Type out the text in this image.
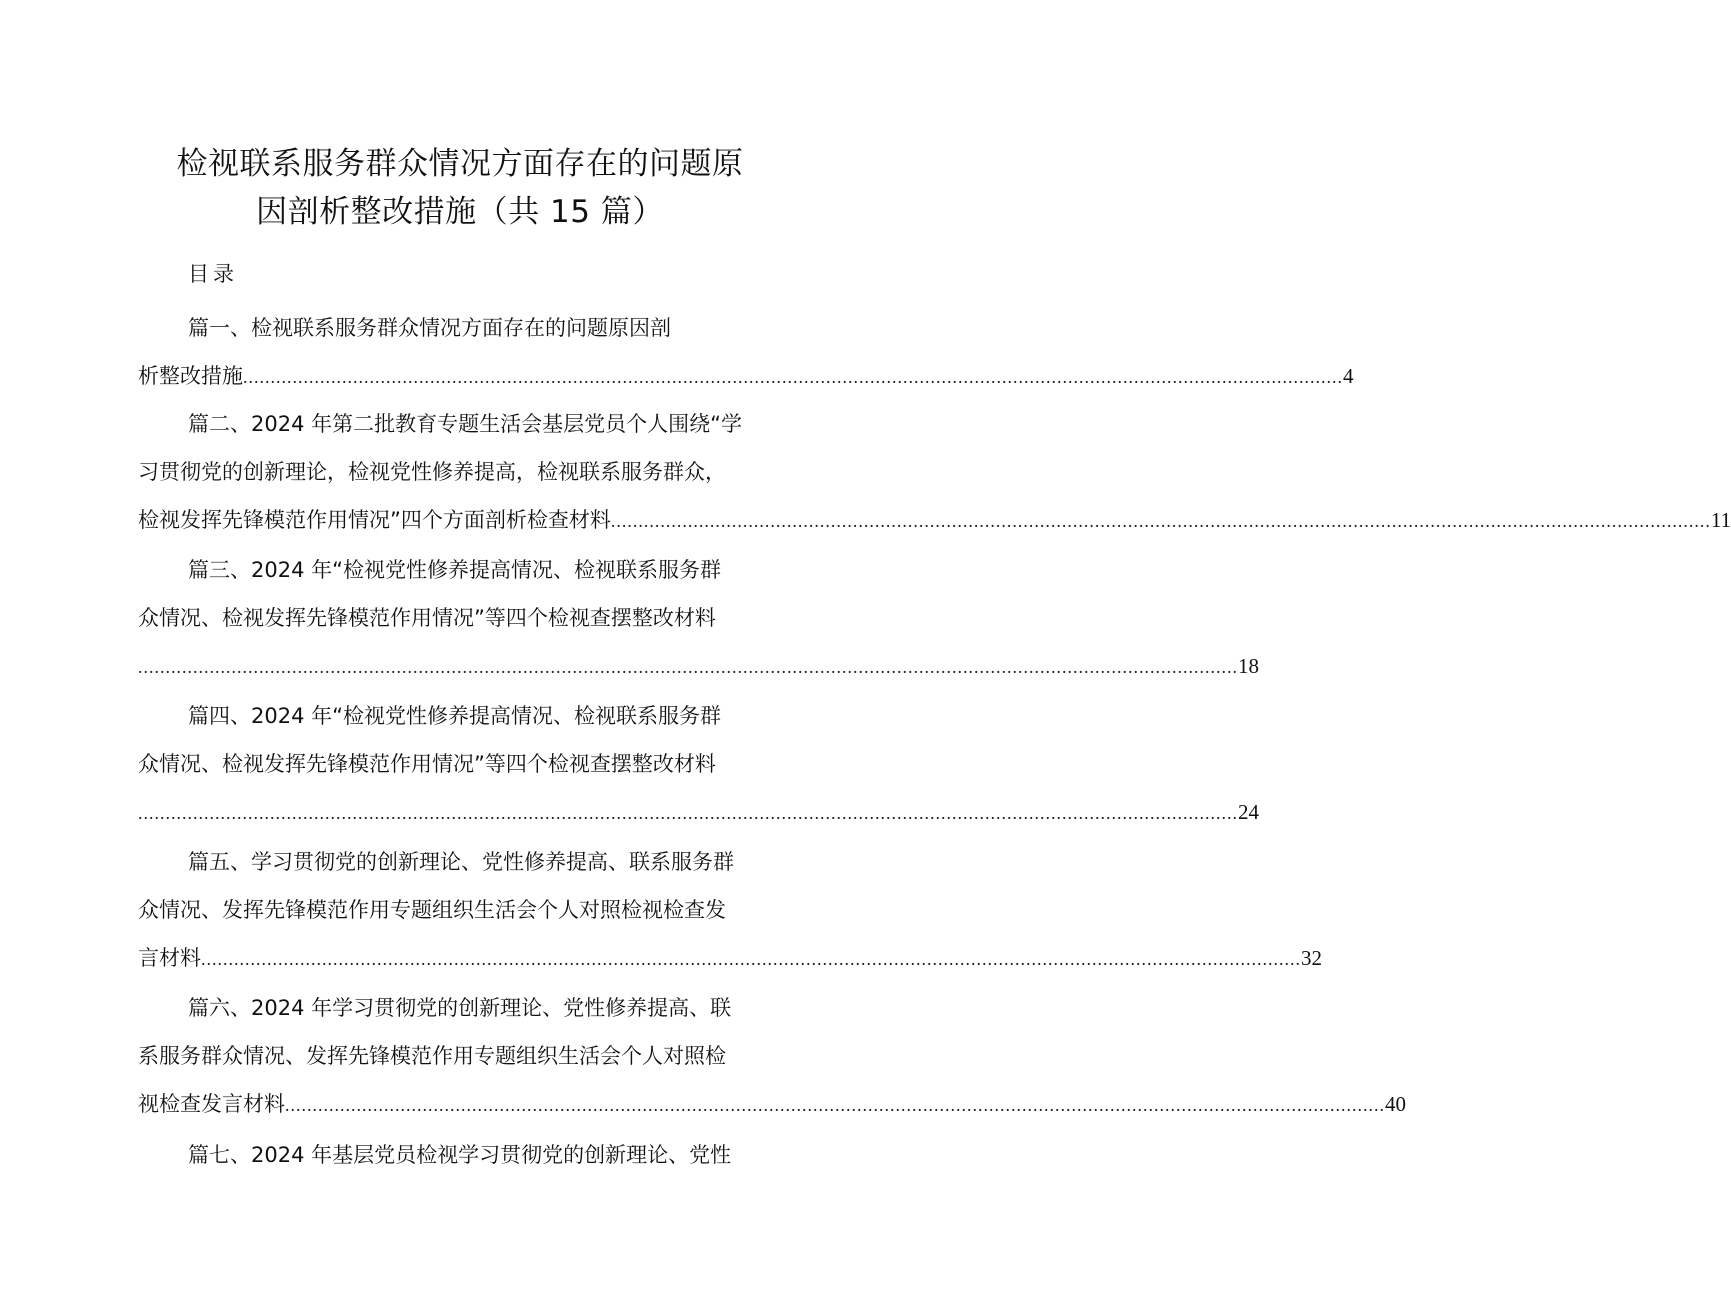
检视联系服务群众情况方面存在的问题原
因剖析整改措施（共 15 篇）
目录
篇一、检视联系服务群众情况方面存在的问题原因剖
析整改措施 ........................................................................................................................................................................................................ 4
篇二、2024 年第二批教育专题生活会基层党员个人围绕“学
习贯彻党的创新理论，检视党性修养提高，检视联系服务群众，
检视发挥先锋模范作用情况”四个方面剖析检查材料 ........................................................................................................................................................................................................ 11
篇三、2024 年“检视党性修养提高情况、检视联系服务群
众情况、检视发挥先锋模范作用情况”等四个检视查摆整改材料
........................................................................................................................................................................................................ 18
篇四、2024 年“检视党性修养提高情况、检视联系服务群
众情况、检视发挥先锋模范作用情况”等四个检视查摆整改材料
........................................................................................................................................................................................................ 24
篇五、学习贯彻党的创新理论、党性修养提高、联系服务群
众情况、发挥先锋模范作用专题组织生活会个人对照检视检查发
言材料 ........................................................................................................................................................................................................ 32
篇六、2024 年学习贯彻党的创新理论、党性修养提高、联
系服务群众情况、发挥先锋模范作用专题组织生活会个人对照检
视检查发言材料 ........................................................................................................................................................................................................ 40
篇七、2024 年基层党员检视学习贯彻党的创新理论、党性
